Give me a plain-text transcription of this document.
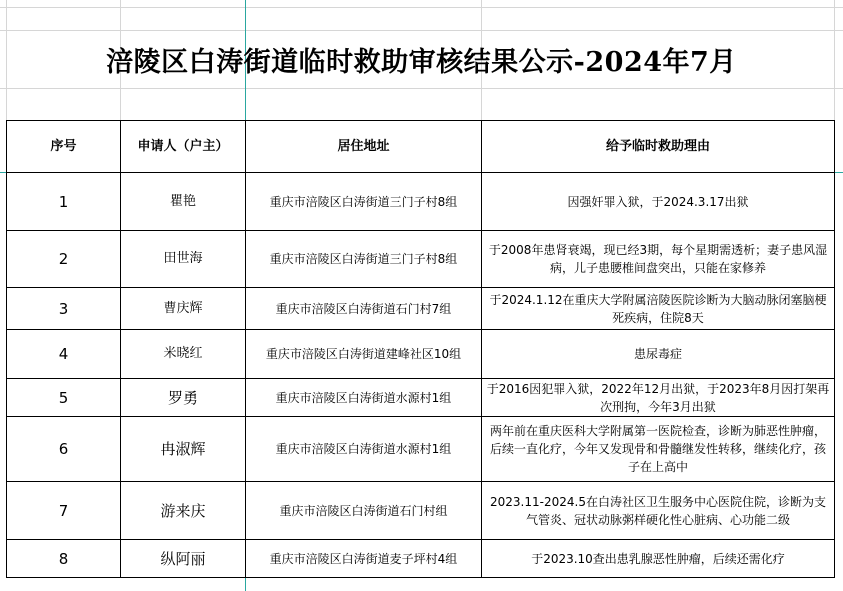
涪陵区白涛街道临时救助审核结果公示-2024年7月
序号	申请人（户主）	居住地址	给予临时救助理由
1	瞿艳	重庆市涪陵区白涛街道三门子村8组	因强奸罪入狱，于2024.3.17出狱
2	田世海	重庆市涪陵区白涛街道三门子村8组	于2008年患肾衰竭，现已经3期，每个星期需透析；妻子患风湿病，儿子患腰椎间盘突出，只能在家修养
3	曹庆辉	重庆市涪陵区白涛街道石门村7组	于2024.1.12在重庆大学附属涪陵医院诊断为大脑动脉闭塞脑梗死疾病，住院8天
4	米晓红	重庆市涪陵区白涛街道建峰社区10组	患尿毒症
5	罗勇	重庆市涪陵区白涛街道水源村1组	于2016因犯罪入狱，2022年12月出狱，于2023年8月因打架再次刑拘，今年3月出狱
6	冉淑辉	重庆市涪陵区白涛街道水源村1组	两年前在重庆医科大学附属第一医院检查，诊断为肺恶性肿瘤，后续一直化疗，今年又发现骨和骨髓继发性转移，继续化疗，孩子在上高中
7	游来庆	重庆市涪陵区白涛街道石门村组	2023.11-2024.5在白涛社区卫生服务中心医院住院，诊断为支气管炎、冠状动脉粥样硬化性心脏病、心功能二级
8	纵阿丽	重庆市涪陵区白涛街道麦子坪村4组	于2023.10查出患乳腺恶性肿瘤，后续还需化疗
